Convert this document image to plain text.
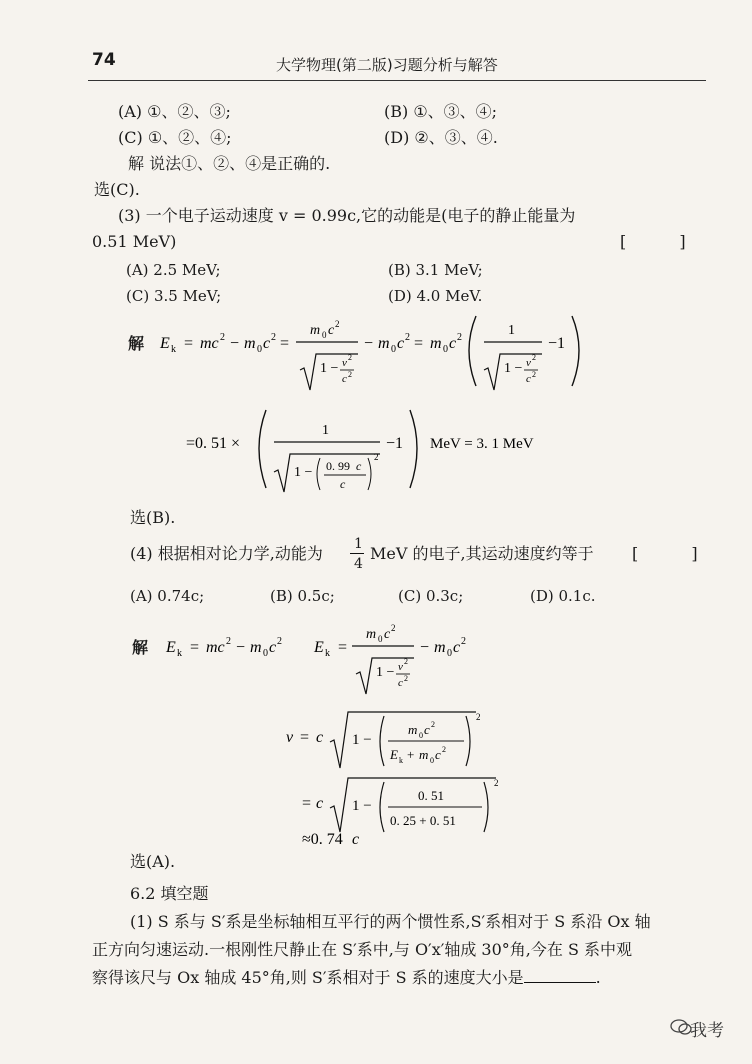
74	大学物理(第二版)习题分析与解答
(A) ①、②、③;	(B) ①、③、④;
(C) ①、②、④;	(D) ②、③、④.
解 说法①、②、④是正确的.
选(C).
(3) 一个电子运动速度 v = 0.99c,它的动能是(电子的静止能量为
0.51 MeV)	[ ]
(A) 2.5 MeV;	(B) 3.1 MeV;
(C) 3.5 MeV;	(D) 4.0 MeV.
解 E k = mc 2 − m 0 c 2 =
m 0 c 2
1 − v 2
c 2
− m 0 c 2 = m 0 c 2	1
1 − v 2
c 2
−1
=0. 51 ×
1
1 − 0. 99 c
c
2
−1 MeV = 3. 1 MeV
选(B).
(4) 根据相对论力学,动能为 1
4
MeV 的电子,其运动速度约等于 [ ]
(A) 0.74c;	(B) 0.5c;	(C) 0.3c;	(D) 0.1c.
解 E k = mc 2 − m 0 c 2 E k =
m 0 c 2
1 − v 2
c 2
− m 0 c 2
v = c 1 −
m 0 c 2
E k + m 0 c 2
2
= c 1 −
0. 51
0. 25 + 0. 51
2
≈0. 74 c
选(A).
6.2 填空题
(1) S 系与 S′系是坐标轴相互平行的两个惯性系,S′系相对于 S 系沿 Ox 轴
正方向匀速运动.一根刚性尺静止在 S′系中,与 O′x′轴成 30°角,今在 S 系中观
察得该尺与 Ox 轴成 45°角,则 S′系相对于 S 系的速度大小是	.
我考
